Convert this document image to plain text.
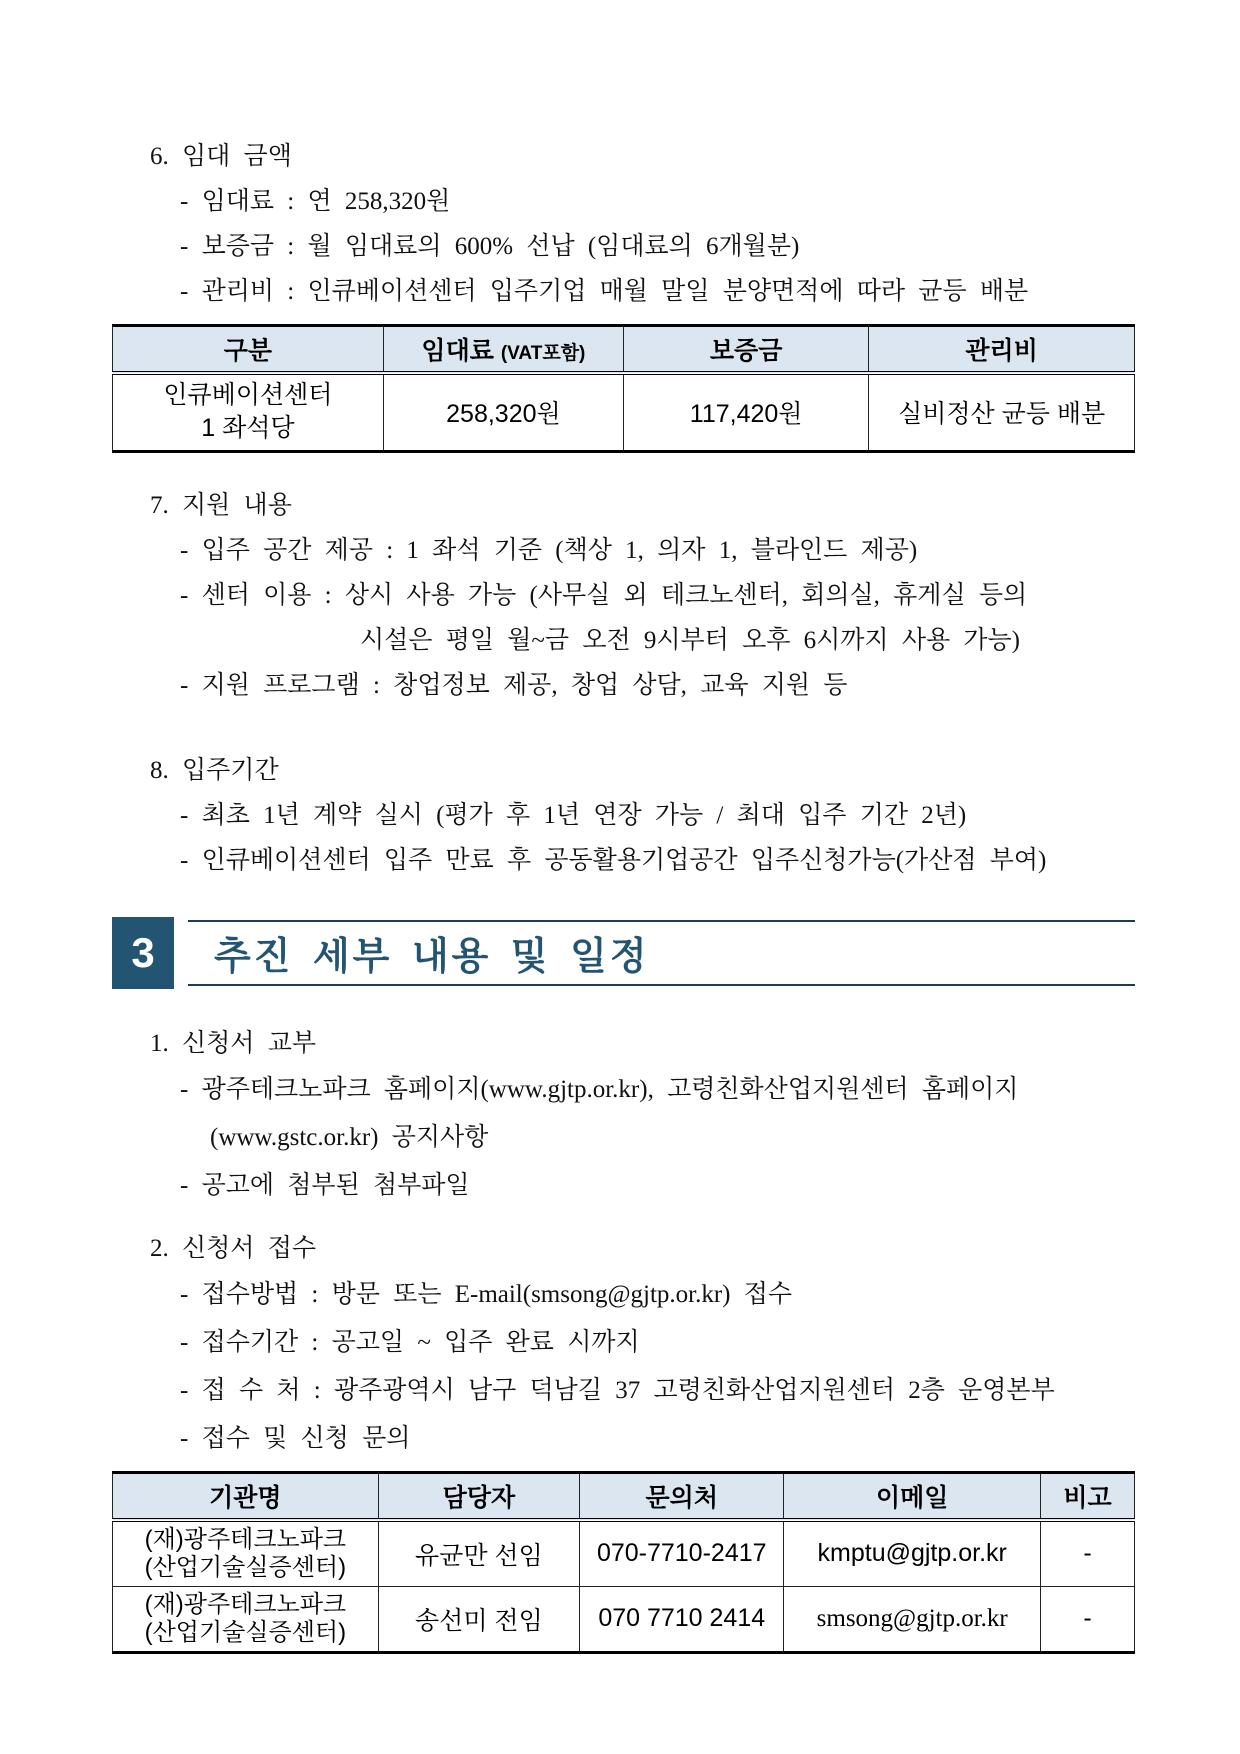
6. 임대 금액
- 임대료 : 연 258,320원
- 보증금 : 월 임대료의 600% 선납 (임대료의 6개월분)
- 관리비 : 인큐베이션센터 입주기업 매월 말일 분양면적에 따라 균등 배분
구분	임대료 (VAT포함)	보증금	관리비

인큐베이션센터
1 좌석당	258,320원	117,420원	실비정산 균등 배분
7. 지원 내용
- 입주 공간 제공 : 1 좌석 기준 (책상 1, 의자 1, 블라인드 제공)
- 센터 이용 : 상시 사용 가능 (사무실 외 테크노센터, 회의실, 휴게실 등의
시설은 평일 월~금 오전 9시부터 오후 6시까지 사용 가능)
- 지원 프로그램 : 창업정보 제공, 창업 상담, 교육 지원 등
8. 입주기간
- 최초 1년 계약 실시 (평가 후 1년 연장 가능 / 최대 입주 기간 2년)
- 인큐베이션센터 입주 만료 후 공동활용기업공간 입주신청가능(가산점 부여)
3	추진 세부 내용 및 일정
1. 신청서 교부
- 광주테크노파크 홈페이지(www.gjtp.or.kr), 고령친화산업지원센터 홈페이지
(www.gstc.or.kr) 공지사항
- 공고에 첨부된 첨부파일
2. 신청서 접수
- 접수방법 : 방문 또는 E-mail(smsong@gjtp.or.kr) 접수
- 접수기간 : 공고일 ~ 입주 완료 시까지
- 접 수 처 : 광주광역시 남구 덕남길 37 고령친화산업지원센터 2층 운영본부
- 접수 및 신청 문의
기관명	담당자	문의처	이메일	비고

(재)광주테크노파크
(산업기술실증센터)	유균만 선임	070-7710-2417	kmptu@gjtp.or.kr	-

(재)광주테크노파크
(산업기술실증센터)	송선미 전임	070 7710 2414	smsong@gjtp.or.kr	-
